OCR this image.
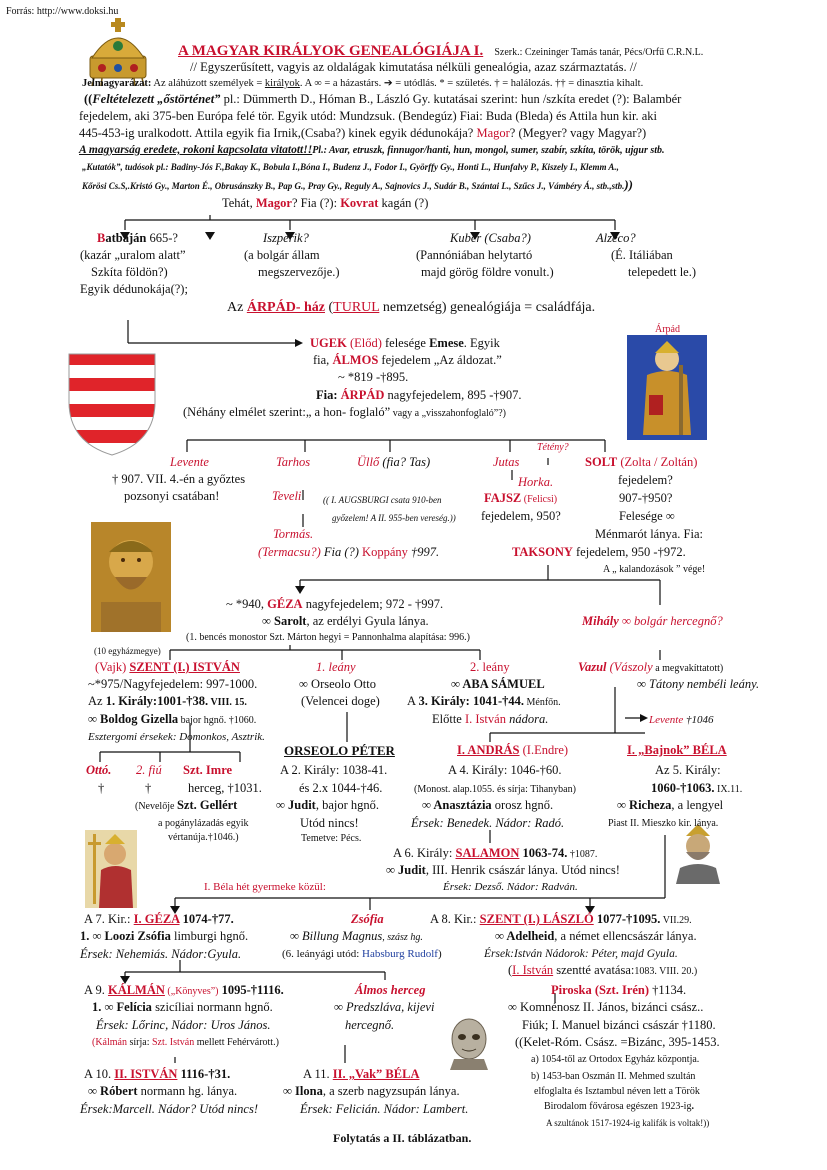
Forrás: http://www.doksi.hu
A MAGYAR KIRÁLYOK GENEALÓGIÁJA I. Szerk.: Czeininger Tamás tanár, Pécs/Orfű C.R.N.L.
// Egyszerűsített, vagyis az oldalágak kimutatása nélküli genealógia, azaz származtatás. //
Jelmagyarázat: Az aláhúzott személyek = királyok. A ∞ = a házastárs. ➔ = utódlás. * = születés. † = halálozás. †† = dinasztia kihalt.
((Feltételezett „őstörténet” pl.: Dümmerth D., Hóman B., László Gy. kutatásai szerint: hun /szkíta eredet (?): Balambér
fejedelem, aki 375-ben Európa felé tör. Egyik utód: Mundzsuk. (Bendegúz) Fiai: Buda (Bleda) és Attila hun kir. aki
445-453-ig uralkodott. Attila egyik fia Irnik,(Csaba?) kinek egyik dédunokája? Magor? (Megyer? vagy Magyar?)
A magyarság eredete, rokoni kapcsolata vitatott!!Pl.: Avar, etruszk, finnugor/hanti, hun, mongol, sumer, szabír, szkíta, török, ujgur stb.
„Kutatók”, tudósok pl.: Badiny-Jós F.,Bakay K., Bobula I.,Bóna I., Budenz J., Fodor I., Györffy Gy., Honti L., Hunfalvy P., Kiszely I., Klemm A.,
Kőrösi Cs.S,.Kristó Gy., Marton É., Obrusánszky B., Pap G., Pray Gy., Reguly A., Sajnovics J., Sudár B., Szántai L., Szűcs J., Vámbéry Á., stb.,stb.))
Tehát, Magor? Fia (?): Kovrat kagán (?)
Batbaján 665-?
(kazár „uralom alatt”
Szkíta földön?)
Egyik dédunokája(?);
Iszperik?
(a bolgár állam
megszervezője.)
Kuber (Csaba?)
(Pannóniában helytartó
majd görög földre vonult.)
Alzeco?
(É. Itáliában
telepedett le.)
Az ÁRPÁD- ház (TURUL nemzetség) genealógiája = családfája.
Árpád
UGEK (Előd) felesége Emese. Egyik
fia, ÁLMOS fejedelem „Az áldozat.”
~ *819 -†895.
Fia: ÁRPÁD nagyfejedelem, 895 -†907.
(Néhány elmélet szerint:„ a hon- foglaló” vagy a „visszahonfoglaló”?)
Tétény?
Levente
† 907. VII. 4.-én a győztes
pozsonyi csatában!
Tarhos
Teveli
Tormás.
(Termacsu?) Fia (?) Koppány †997.
(( I. AUGSBURGI csata 910-ben
győzelem! A II. 955-ben vereség.))
Üllő (fia? Tas)	Jutas
Horka.
FAJSZ (Felicsi)
fejedelem, 950?
SOLT (Zolta / Zoltán)
fejedelem?
907-†950?
Felesége ∞
Ménmarót lánya. Fia:
TAKSONY fejedelem, 950 -†972.
A „ kalandozások ” vége!
~ *940, GÉZA nagyfejedelem; 972 - †997.
∞ Sarolt, az erdélyi Gyula lánya.
(1. bencés monostor Szt. Márton hegyi = Pannonhalma alapítása: 996.)
Mihály ∞ bolgár hercegnő?
(10 egyházmegye)
(Vajk) SZENT (I.) ISTVÁN
~*975/Nagyfejedelem: 997-1000.
Az 1. Király:1001-†38. VIII. 15.
∞ Boldog Gizella bajor hgnő. †1060.
Esztergomi érsekek: Domonkos, Asztrik.
1. leány
∞ Orseolo Otto
(Velencei doge)
2. leány
∞ ABA SÁMUEL
A 3. Király: 1041-†44. Ménfőn.
Előtte I. István nádora.
Vazul (Vászoly a megvakíttatott)
∞ Tátony nembéli leány.
Levente †1046
Ottó. 2. fiú Szt. Imre
†	†	herceg, †1031.
(Nevelője Szt. Gellért
a pogánylázadás egyik
vértanúja.†1046.)
ORSEOLO PÉTER
A 2. Király: 1038-41.
és 2.x 1044-†46.
∞ Judit, bajor hgnő.
Utód nincs!
Temetve: Pécs.
I. ANDRÁS (I.Endre)
A 4. Király: 1046-†60.
(Monost. alap.1055. és sírja: Tihanyban)
∞ Anasztázia orosz hgnő.
Érsek: Benedek. Nádor: Radó.
I. „Bajnok” BÉLA
Az 5. Király:
1060-†1063. IX.11.
∞ Richeza, a lengyel
Piast II. Mieszko kir. lánya.
A 6. Király: SALAMON 1063-74. †1087.
∞ Judit, III. Henrik császár lánya. Utód nincs!
Érsek: Dezső. Nádor: Radván.
I. Béla hét gyermeke közül:
A 7. Kir.: I. GÉZA 1074-†77.
1. ∞ Loozi Zsófia limburgi hgnő.
Érsek: Nehemiás. Nádor:Gyula.
Zsófia
∞ Billung Magnus, szász hg.
(6. leányági utód: Habsburg Rudolf)
A 8. Kir.: SZENT (I.) LÁSZLÓ 1077-†1095. VII.29.
∞ Adelheid, a német ellencsászár lánya.
Érsek:István Nádorok: Péter, majd Gyula.
(I. István szentté avatása:1083. VIII. 20.)
A 9. KÁLMÁN („Könyves”) 1095-†1116.
1. ∞ Felícia szicíliai normann hgnő.
Érsek: Lőrinc, Nádor: Uros János.
(Kálmán sírja: Szt. István mellett Fehérvárott.)
Álmos herceg
∞ Predszláva, kijevi
hercegnő.
Piroska (Szt. Irén) †1134.
∞ Komnénosz II. János, bizánci csász..
Fiúk; I. Manuel bizánci császár †1180.
((Kelet-Róm. Csász. =Bizánc, 395-1453.
a) 1054-től az Ortodox Egyház központja.
b) 1453-ban Oszmán II. Mehmed szultán
elfoglalta és Isztambul néven lett a Török
Birodalom fővárosa egészen 1923-ig.
A szultánok 1517-1924-ig kalifák is voltak!))
A 10. II. ISTVÁN 1116-†31.
∞ Róbert normann hg. lánya.
Érsek:Marcell. Nádor? Utód nincs!
A 11. II. „Vak” BÉLA
∞ Ilona, a szerb nagyzsupán lánya.
Érsek: Felicián. Nádor: Lambert.
Folytatás a II. táblázatban.
